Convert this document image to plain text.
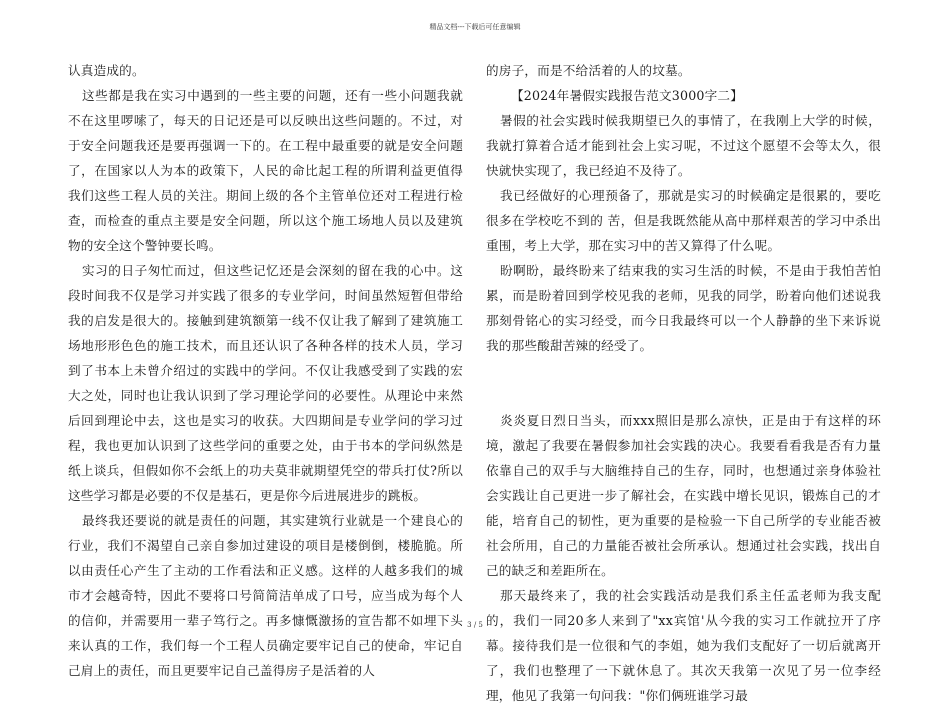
精品文档---下载后可任意编辑

认真造成的。

这些都是我在实习中遇到的一些主要的问题，还有一些小问题我就不在这里啰嗦了，每天的日记还是可以反映出这些问题的。不过，对于安全问题我还是要再强调一下的。在工程中最重要的就是安全问题了，在国家以人为本的政策下，人民的命比起工程的所谓利益更值得我们这些工程人员的关注。期间上级的各个主管单位还对工程进行检查，而检查的重点主要是安全问题，所以这个施工场地人员以及建筑物的安全这个警钟要长鸣。

实习的日子匆忙而过，但这些记忆还是会深刻的留在我的心中。这段时间我不仅是学习并实践了很多的专业学问，时间虽然短暂但带给我的启发是很大的。接触到建筑额第一线不仅让我了解到了建筑施工场地形形色色的施工技术，而且还认识了各种各样的技术人员，学习到了书本上未曾介绍过的实践中的学问。不仅让我感受到了实践的宏大之处，同时也让我认识到了学习理论学问的必要性。从理论中来然后回到理论中去，这也是实习的收获。大四期间是专业学问的学习过程，我也更加认识到了这些学问的重要之处，由于书本的学问纵然是纸上谈兵，但假如你不会纸上的功夫莫非就期望凭空的带兵打仗?所以这些学习都是必要的不仅是基石，更是你今后进展进步的跳板。

最终我还要说的就是责任的问题，其实建筑行业就是一个建良心的行业，我们不渴望自己亲自参加过建设的项目是楼倒倒，楼脆脆。所以由责任心产生了主动的工作看法和正义感。这样的人越多我们的城市才会越奇特，因此不要将口号简简洁单成了口号，应当成为每个人的信仰，并需要用一辈子笃行之。再多慷慨激扬的宣告都不如埋下头来认真的工作，我们每一个工程人员确定要牢记自己的使命，牢记自己肩上的责任，而且更要牢记自己盖得房子是活着的人

的房子，而是不给活着的人的坟墓。

【2024年暑假实践报告范文3000字二】

暑假的社会实践时候我期望已久的事情了，在我刚上大学的时候，我就打算着合适才能到社会上实习呢，不过这个愿望不会等太久，很快就快实现了，我已经迫不及待了。

我已经做好的心理预备了，那就是实习的时候确定是很累的，要吃很多在学校吃不到的 苦，但是我既然能从高中那样艰苦的学习中杀出重围，考上大学，那在实习中的苦又算得了什么呢。

盼啊盼，最终盼来了结束我的实习生活的时候，不是由于我怕苦怕累，而是盼着回到学校见我的老师，见我的同学，盼着向他们述说我那刻骨铭心的实习经受，而今日我最终可以一个人静静的坐下来诉说我的那些酸甜苦辣的经受了。

炎炎夏日烈日当头，而xxx照旧是那么凉快，正是由于有这样的环境，激起了我要在暑假参加社会实践的决心。我要看看我是否有力量依靠自己的双手与大脑维持自己的生存，同时，也想通过亲身体验社会实践让自己更进一步了解社会，在实践中增长见识，锻炼自己的才能，培育自己的韧性，更为重要的是检验一下自己所学的专业能否被社会所用，自己的力量能否被社会所承认。想通过社会实践，找出自己的缺乏和差距所在。

那天最终来了，我的社会实践活动是我们系主任孟老师为我支配的，我们一同20多人来到了"xx宾馆'从今我的实习工作就拉开了序幕。接待我们是一位很和气的李姐，她为我们支配好了一切后就离开了，我们也整理了一下就休息了。其次天我第一次见了另一位李经理，他见了我第一句问我："你们俩班谁学习最

3 / 5
